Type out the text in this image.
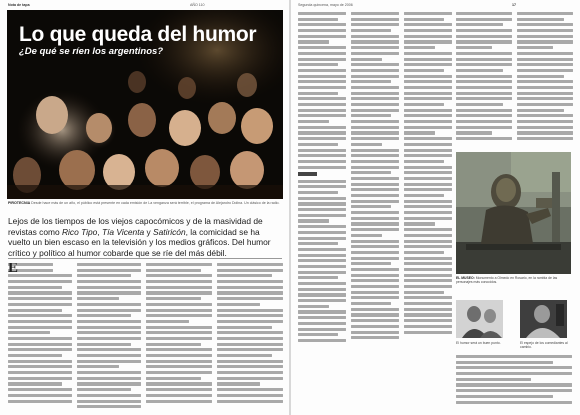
Nota de tapa	AÑO 110
Lo que queda del humor
¿De qué se ríen los argentinos?
PIROTECNIA Desde hace más de un año, el público está presente en cada emisión de La venganza será terrible, el programa de Alejandro Dolina. Un clásico de la radio.
Lejos de los tiempos de los viejos capocómicos y de la masividad de revistas como Rico Tipo, Tía Vicenta y Satiricón, la comicidad se ha vuelto un bien escaso en la televisión y los medios gráficos. Del humor crítico y político al humor cobarde que se ríe del más débil.
E
Segunda quincena, mayo de 2006	17
EL MUSEO: Monumento a Olmedo en Rosario, en la rambla de las personajes más conocidos.
El humor será un buen punto.	El espejo de los comediantes al cambio.
